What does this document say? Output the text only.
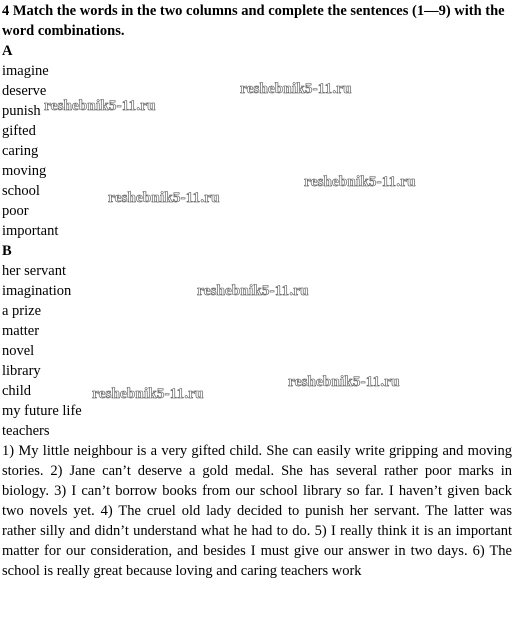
4 Match the words in the two columns and complete the sentences (1—9) with the word combinations.

A

imagine

deserve

punish

gifted

caring

moving

school

poor

important

B

her servant

imagination

a prize

matter

novel

library

child

my future life

teachers

1) My little neighbour is a very gifted child. She can easily write gripping and moving stories. 2) Jane can’t deserve a gold medal. She has several rather poor marks in biology. 3) I can’t borrow books from our school library so far. I haven’t given back two novels yet. 4) The cruel old lady decided to punish her servant. The latter was rather silly and didn’t understand what he had to do. 5) I really think it is an important matter for our consideration, and besides I must give our answer in two days. 6) The school is really great because loving and caring teachers work

reshebnik5-11.ru
reshebnik5-11.ru
reshebnik5-11.ru
reshebnik5-11.ru
reshebnik5-11.ru
reshebnik5-11.ru
reshebnik5-11.ru
